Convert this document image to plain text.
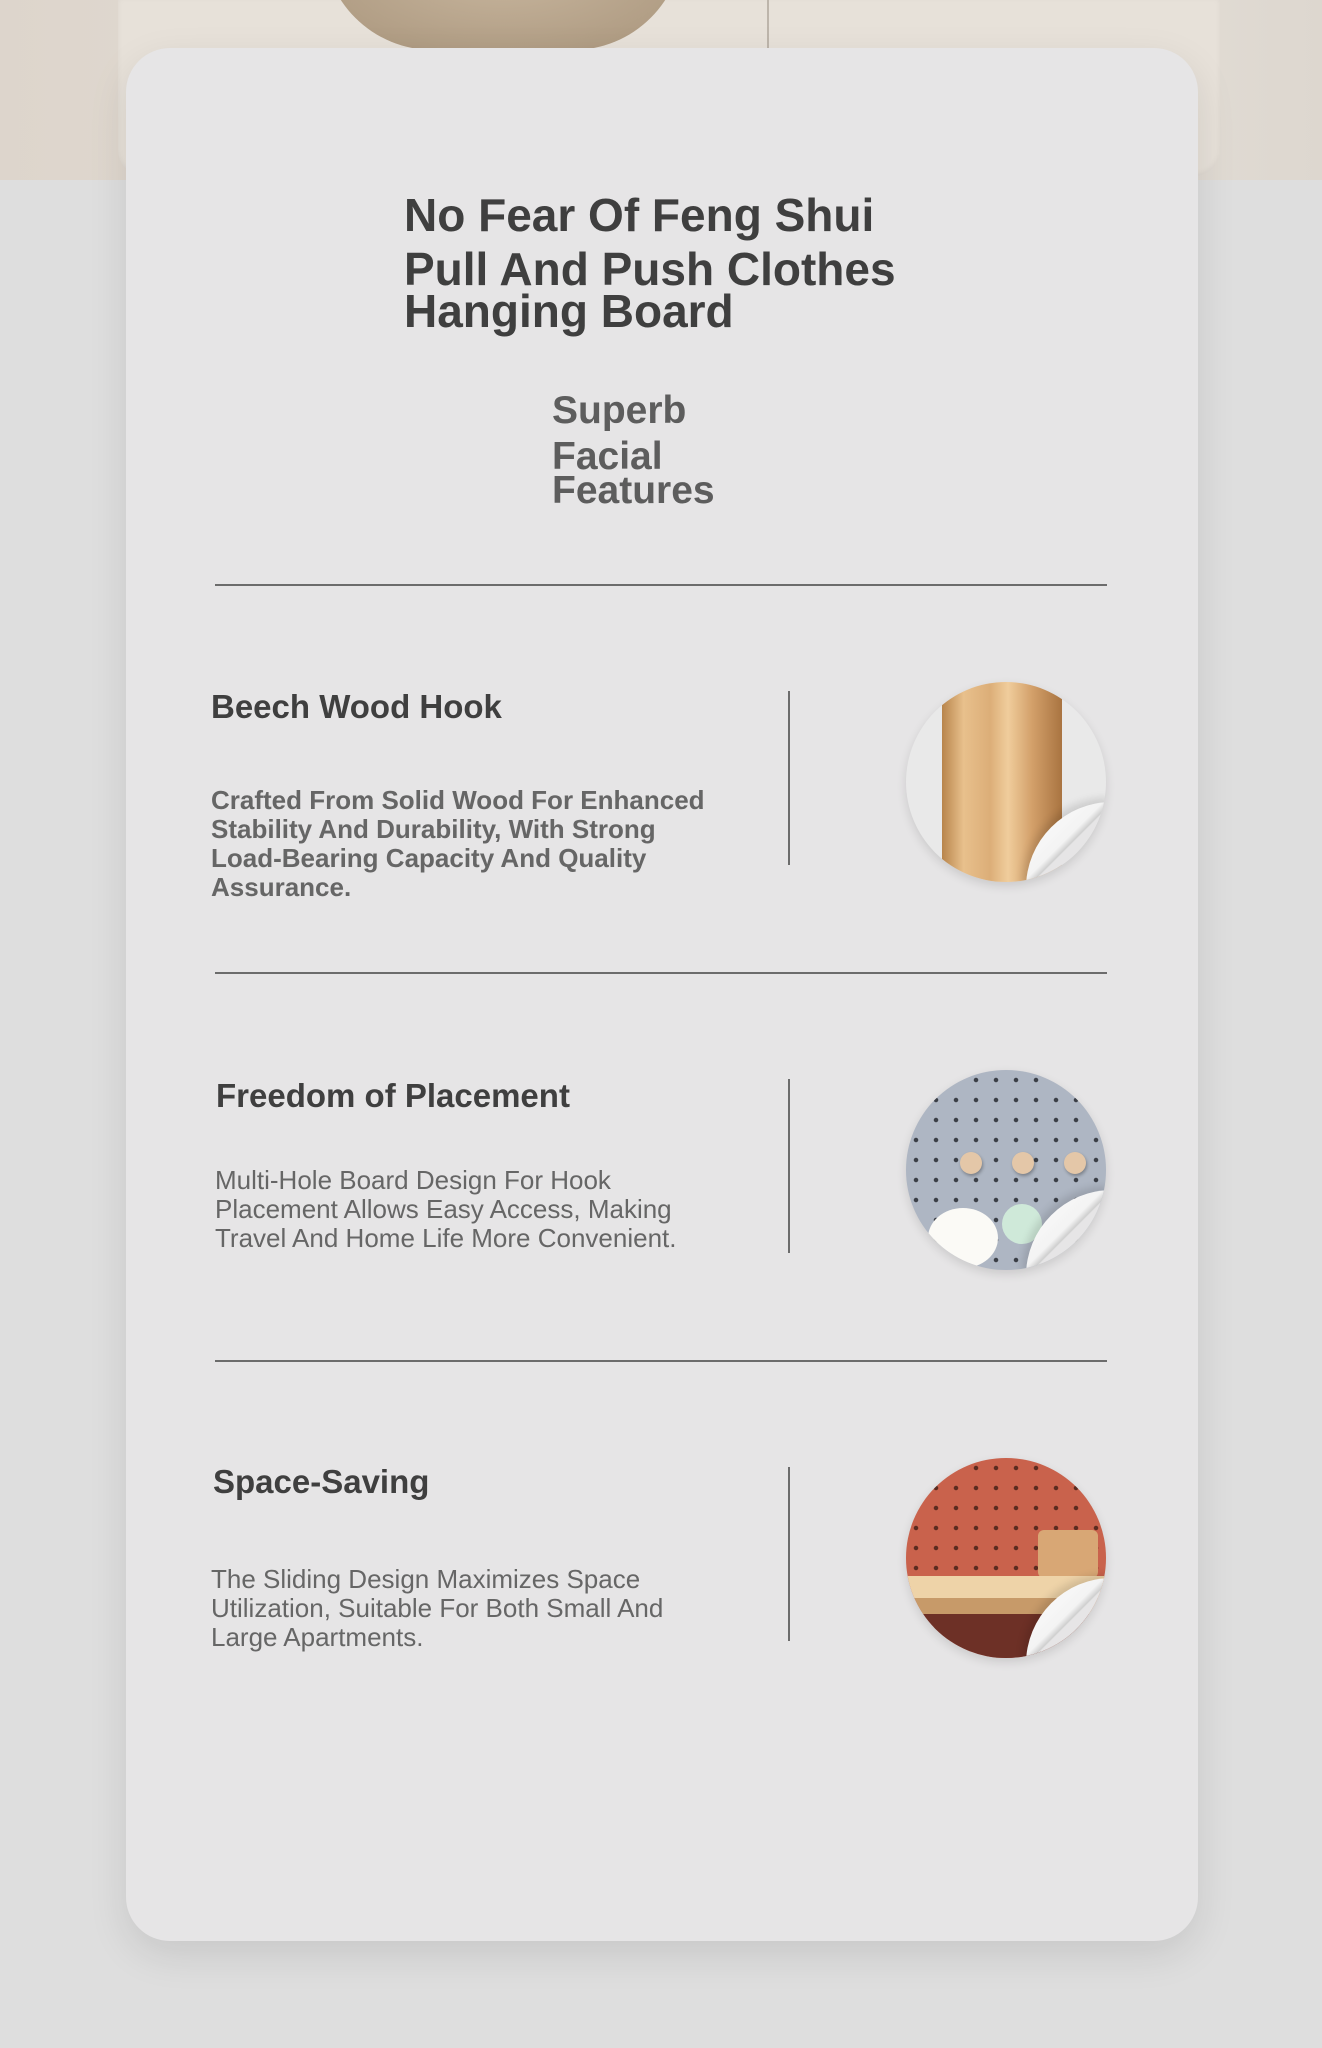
No Fear Of Feng Shui
Pull And Push Clothes
Hanging Board
Superb
Facial
Features
Beech Wood Hook
Crafted From Solid Wood For Enhanced Stability And Durability, With Strong Load-Bearing Capacity And Quality Assurance.
Freedom of Placement
Multi-Hole Board Design For Hook Placement Allows Easy Access, Making Travel And Home Life More Convenient.
Space-Saving
The Sliding Design Maximizes Space Utilization, Suitable For Both Small And Large Apartments.
